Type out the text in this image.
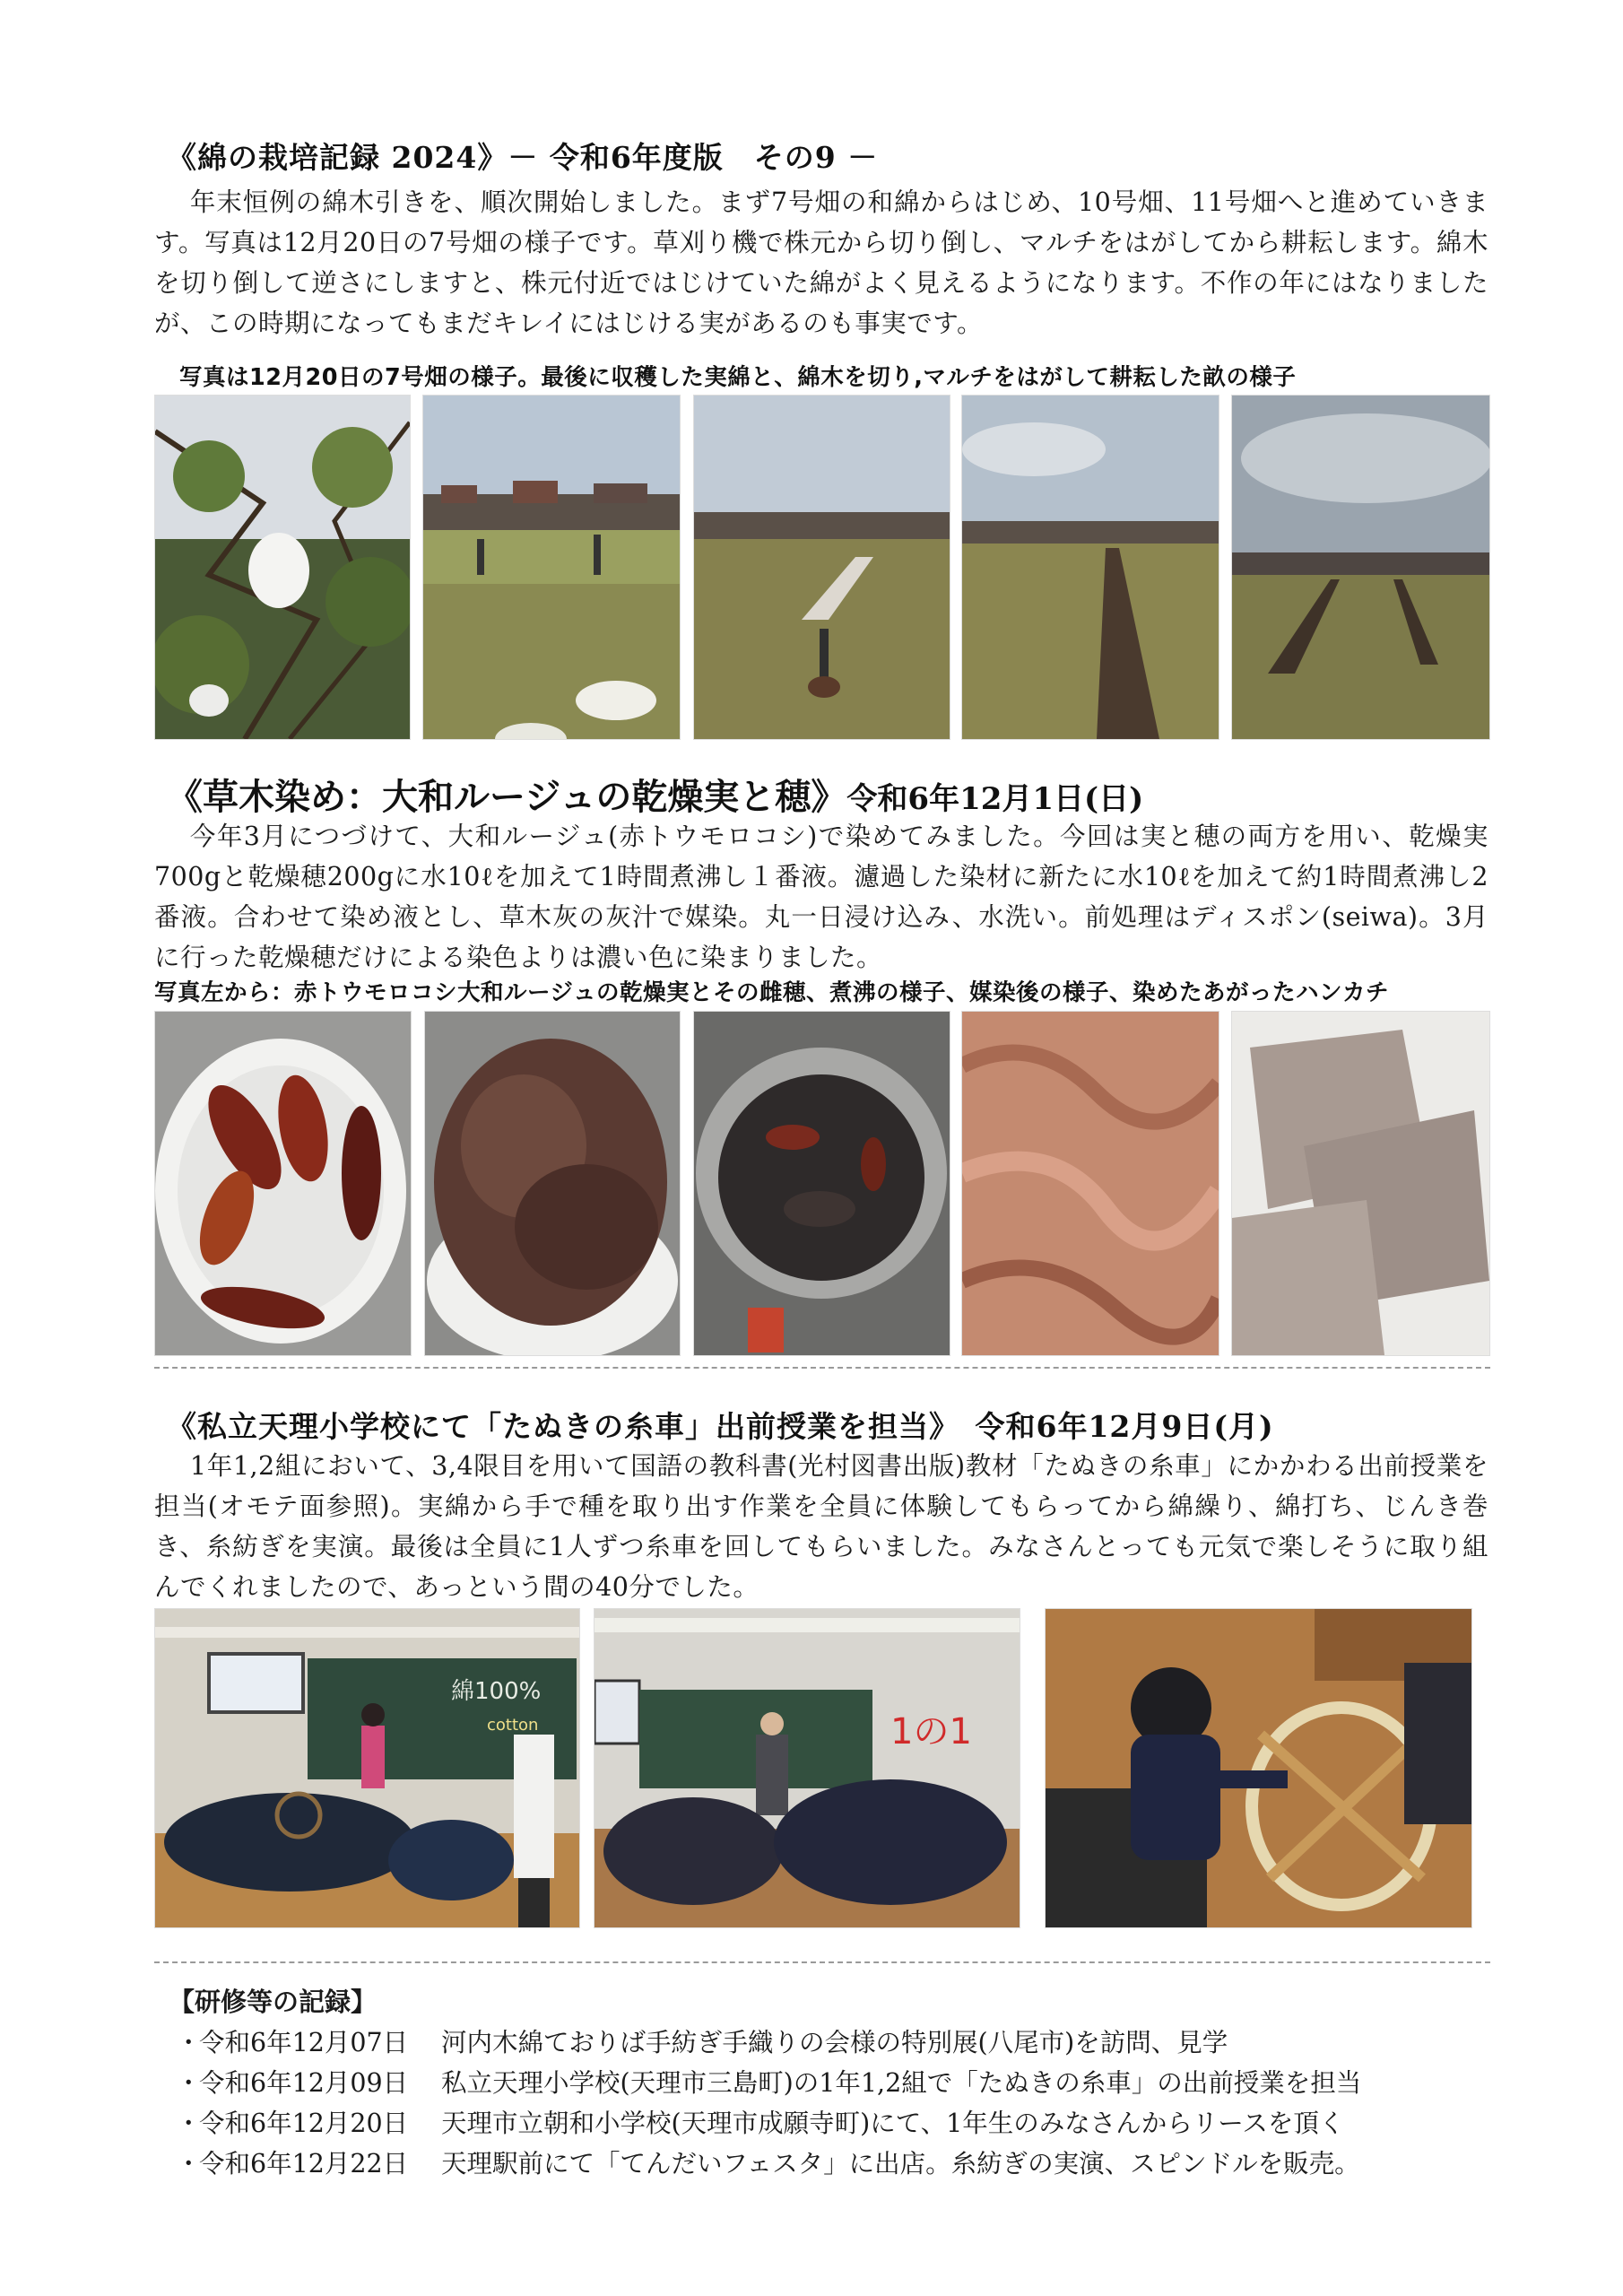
《綿の栽培記録 2024》－ 令和6年度版　その9 －

年末恒例の綿木引きを、順次開始しました。まず7号畑の和綿からはじめ、10号畑、11号畑へと進めていきます。写真は12月20日の7号畑の様子です。草刈り機で株元から切り倒し、マルチをはがしてから耕耘します。綿木を切り倒して逆さにしますと、株元付近ではじけていた綿がよく見えるようになります。不作の年にはなりましたが、この時期になってもまだキレイにはじける実があるのも事実です。

写真は12月20日の7号畑の様子。最後に収穫した実綿と、綿木を切り,マルチをはがして耕耘した畝の様子
《草木染め：大和ルージュの乾燥実と穂》令和6年12月1日(日)

今年3月につづけて、大和ルージュ(赤トウモロコシ)で染めてみました。今回は実と穂の両方を用い、乾燥実700gと乾燥穂200gに水10ℓを加えて1時間煮沸し１番液。濾過した染材に新たに水10ℓを加えて約1時間煮沸し2番液。合わせて染め液とし、草木灰の灰汁で媒染。丸一日浸け込み、水洗い。前処理はディスポン(seiwa)。3月に行った乾燥穂だけによる染色よりは濃い色に染まりました。

写真左から：赤トウモロコシ大和ルージュの乾燥実とその雌穂、煮沸の様子、媒染後の様子、染めたあがったハンカチ
《私立天理小学校にて「たぬきの糸車」出前授業を担当》　 令和6年12月9日(月)

1年1,2組において、3,4限目を用いて国語の教科書(光村図書出版)教材「たぬきの糸車」にかかわる出前授業を担当(オモテ面参照)。実綿から手で種を取り出す作業を全員に体験してもらってから綿繰り、綿打ち、じんき巻き、糸紡ぎを実演。最後は全員に1人ずつ糸車を回してもらいました。みなさんとっても元気で楽しそうに取り組んでくれましたので、あっという間の40分でした。

綿100%
cotton	1の1
【研修等の記録】
・
令和6年12月07日	河内木綿ておりば手紡ぎ手織りの会様の特別展(八尾市)を訪問、見学
・
令和6年12月09日	私立天理小学校(天理市三島町)の1年1,2組で「たぬきの糸車」の出前授業を担当
・
令和6年12月20日	天理市立朝和小学校(天理市成願寺町)にて、1年生のみなさんからリースを頂く
・
令和6年12月22日	天理駅前にて「てんだいフェスタ」に出店。糸紡ぎの実演、スピンドルを販売。
